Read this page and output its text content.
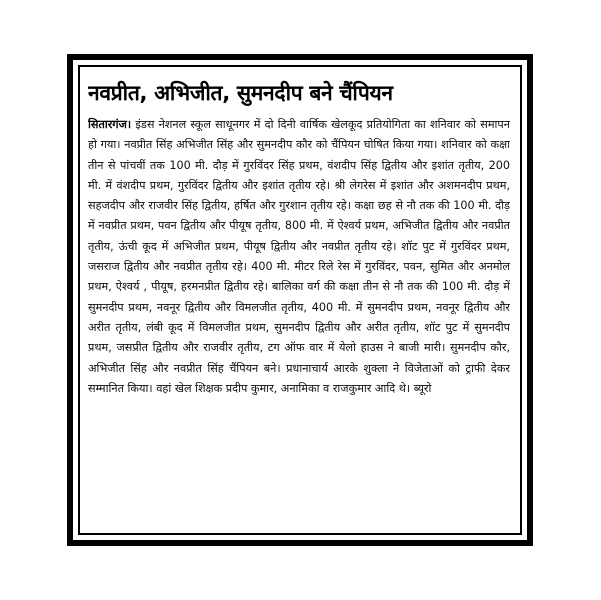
नवप्रीत, अभिजीत, सुमनदीप बने चैंपियन

सितारगंज। इंडस नेशनल स्कूल साधूनगर में दो दिनी वार्षिक खेलकूद प्रतियोगिता का शनिवार को समापन हो गया। नवप्रीत सिंह अभिजीत सिंह और सुमनदीप कौर को चैंपियन घोषित किया गया। शनिवार को कक्षा तीन से पांचवीं तक 100 मी. दौड़ में गुरविंदर सिंह प्रथम, वंशदीप सिंह द्वितीय और इशांत तृतीय, 200 मी. में वंशदीप प्रथम, गुरविंदर द्वितीय और इशांत तृतीय रहे। श्री लेगरेस में इशांत और अशमनदीप प्रथम, सहजदीप और राजवीर सिंह द्वितीय, हर्षित और गुरशान तृतीय रहे। कक्षा छह से नौ तक की 100 मी. दौड़ में नवप्रीत प्रथम, पवन द्वितीय और पीयूष तृतीय, 800 मी. में ऐश्वर्य प्रथम, अभिजीत द्वितीय और नवप्रीत तृतीय, ऊंची कूद में अभिजीत प्रथम, पीयूष द्वितीय और नवप्रीत तृतीय रहे। शॉट पुट में गुरविंदर प्रथम, जसराज द्वितीय और नवप्रीत तृतीय रहे। 400 मी. मीटर रिले रेस में गुरविंदर, पवन, सुमित और अनमोल प्रथम, ऐश्वर्य , पीयूष, हरमनप्रीत द्वितीय रहे। बालिका वर्ग की कक्षा तीन से नौ तक की 100 मी. दौड़ में सुमनदीप प्रथम, नवनूर द्वितीय और विमलजीत तृतीय, 400 मी. में सुमनदीप प्रथम, नवनूर द्वितीय और अरीत तृतीय, लंबी कूद में विमलजीत प्रथम, सुमनदीप द्वितीय और अरीत तृतीय, शॉट पुट में सुमनदीप प्रथम, जसप्रीत द्वितीय और राजवीर तृतीय, टग ऑफ वार में येलो हाउस ने बाजी मारी। सुमनदीप कौर, अभिजीत सिंह और नवप्रीत सिंह चैंपियन बने। प्रधानाचार्य आरके शुक्ला ने विजेताओं को ट्राफी देकर सम्मानित किया। वहां खेल शिक्षक प्रदीप कुमार, अनामिका व राजकुमार आदि थे। ब्यूरो
